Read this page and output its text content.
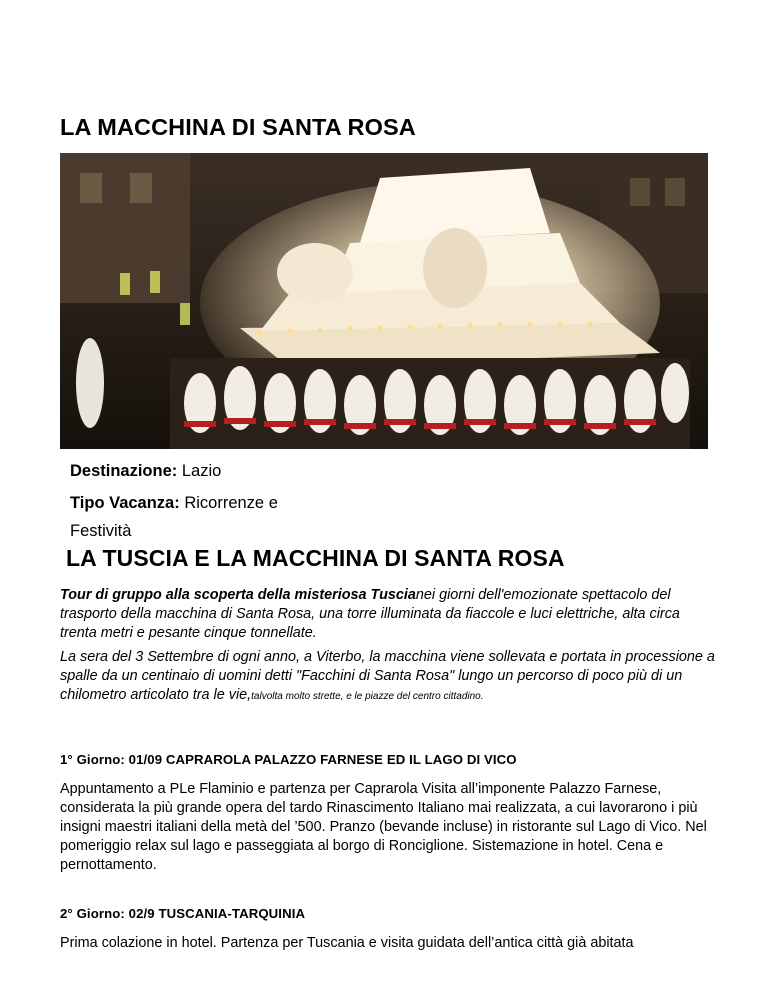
LA MACCHINA DI SANTA ROSA
Destinazione: Lazio
Tipo Vacanza: Ricorrenze e
Festività
LA TUSCIA E LA MACCHINA DI SANTA ROSA

Tour di gruppo alla scoperta della misteriosa Tuscianei giorni dell'emozionate spettacolo del trasporto della macchina di Santa Rosa, una torre illuminata da fiaccole e luci elettriche, alta circa trenta metri e pesante cinque tonnellate.

La sera del 3 Settembre di ogni anno, a Viterbo, la macchina viene sollevata e portata in processione a spalle da un centinaio di uomini detti "Facchini di Santa Rosa" lungo un percorso di poco più di un chilometro articolato tra le vie,talvolta molto strette, e le piazze del centro cittadino.

1° Giorno: 01/09 CAPRAROLA PALAZZO FARNESE ED IL LAGO DI VICO

Appuntamento a PLe Flaminio e partenza per Caprarola Visita all’imponente Palazzo Farnese, considerata la più grande opera del tardo Rinascimento Italiano mai realizzata, a cui lavorarono i più insigni maestri italiani della metà del ’500. Pranzo (bevande incluse) in ristorante sul Lago di Vico. Nel pomeriggio relax sul lago e passeggiata al borgo di Ronciglione. Sistemazione in hotel. Cena e pernottamento.

2° Giorno: 02/9 TUSCANIA-TARQUINIA

Prima colazione in hotel. Partenza per Tuscania e visita guidata dell’antica città già abitata
